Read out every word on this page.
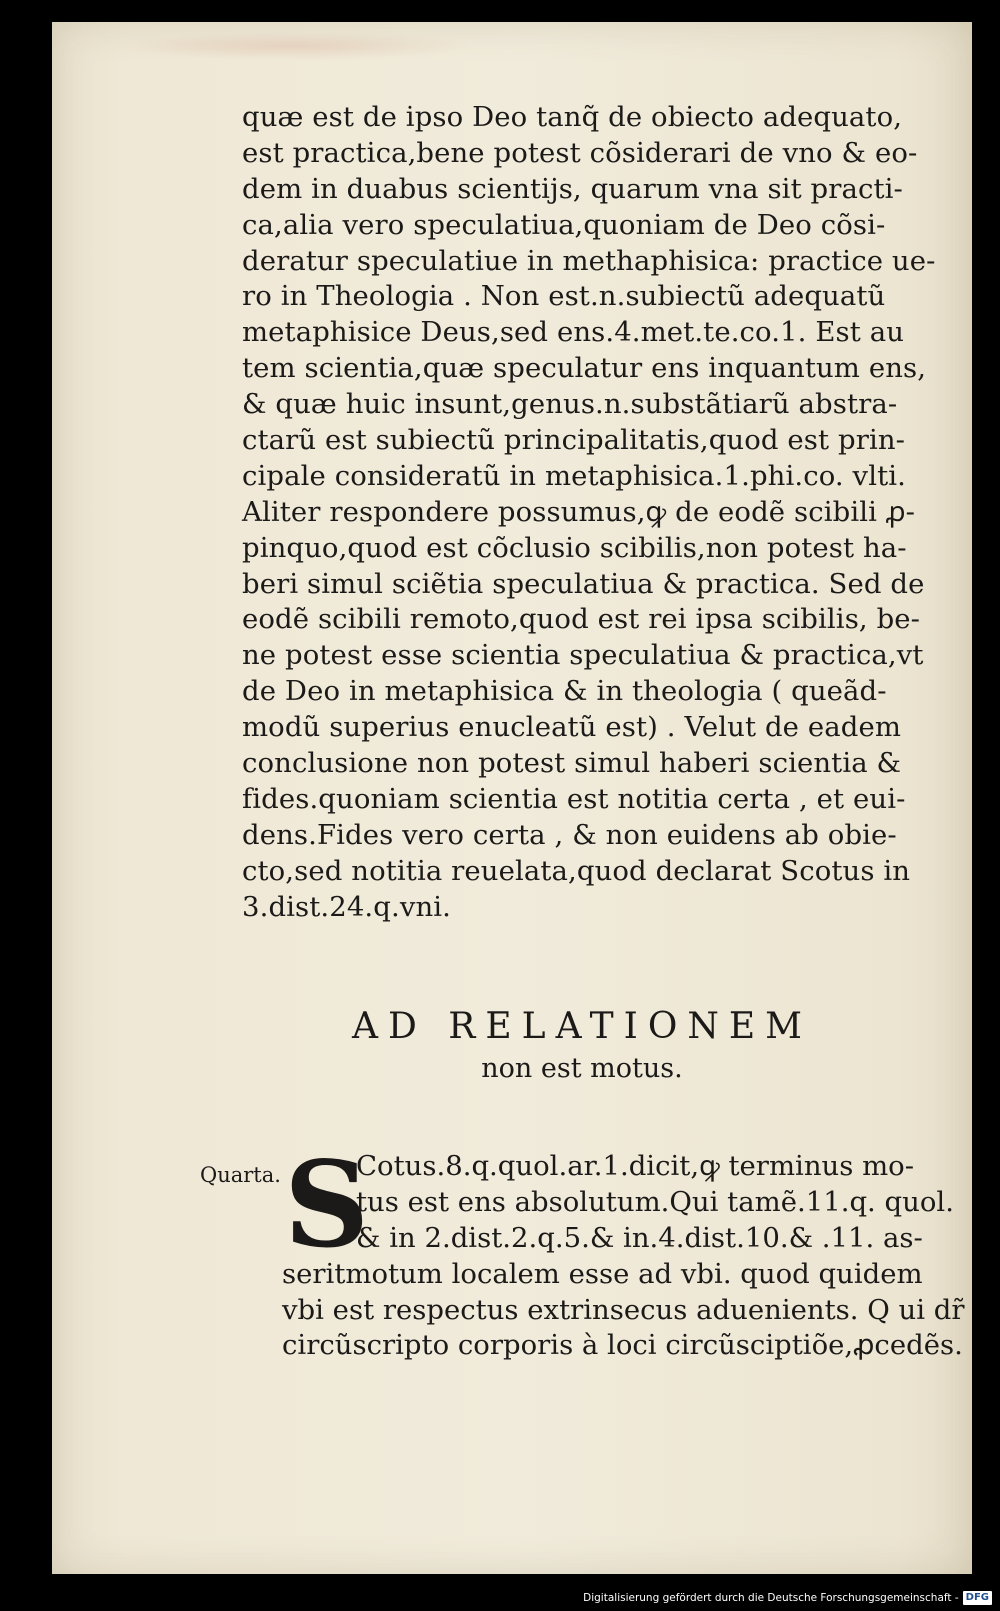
quæ est de ipso Deo tanq̃ de obiecto adequato,
est practica,bene potest cõsiderari de vno & eo-
dem in duabus scientijs, quarum vna sit practi-
ca,alia vero speculatiua,quoniam de Deo cõsi-
deratur speculatiue in methaphisica: practice ue-
ro in Theologia . Non est.n.subiectũ adequatũ
metaphisice Deus,sed ens.4.met.te.co.1. Est au
tem scientia,quæ speculatur ens inquantum ens,
& quæ huic insunt,genus.n.substãtiarũ abstra-
ctarũ est subiectũ principalitatis,quod est prin-
cipale consideratũ in metaphisica.1.phi.co. vlti.
Aliter respondere possumus,ꝙ de eodẽ scibili ꝓ-
pinquo,quod est cõclusio scibilis,non potest ha-
beri simul sciẽtia speculatiua & practica. Sed de
eodẽ scibili remoto,quod est rei ipsa scibilis, be-
ne potest esse scientia speculatiua & practica,vt
de Deo in metaphisica & in theologia ( queãd-
modũ superius enucleatũ est) . Velut de eadem
conclusione non potest simul haberi scientia &
fides.quoniam scientia est notitia certa , et eui-
dens.Fides vero certa , & non euidens ab obie-
cto,sed notitia reuelata,quod declarat Scotus in
3.dist.24.q.vni.
AD RELATIONEM
non est motus.
Quarta. S
Cotus.8.q.quol.ar.1.dicit,ꝙ terminus mo-
tus est ens absolutum.Qui tamẽ.11.q. quol.
& in 2.dist.2.q.5.& in.4.dist.10.& .11. as-
seritmotum localem esse ad vbi. quod quidem
vbi est respectus extrinsecus aduenients. Q ui dr̃
circũscripto corporis à loci circũsciptiõe,ꝓcedẽs.
Digitalisierung gefördert durch die Deutsche Forschungsgemeinschaft - DFG
